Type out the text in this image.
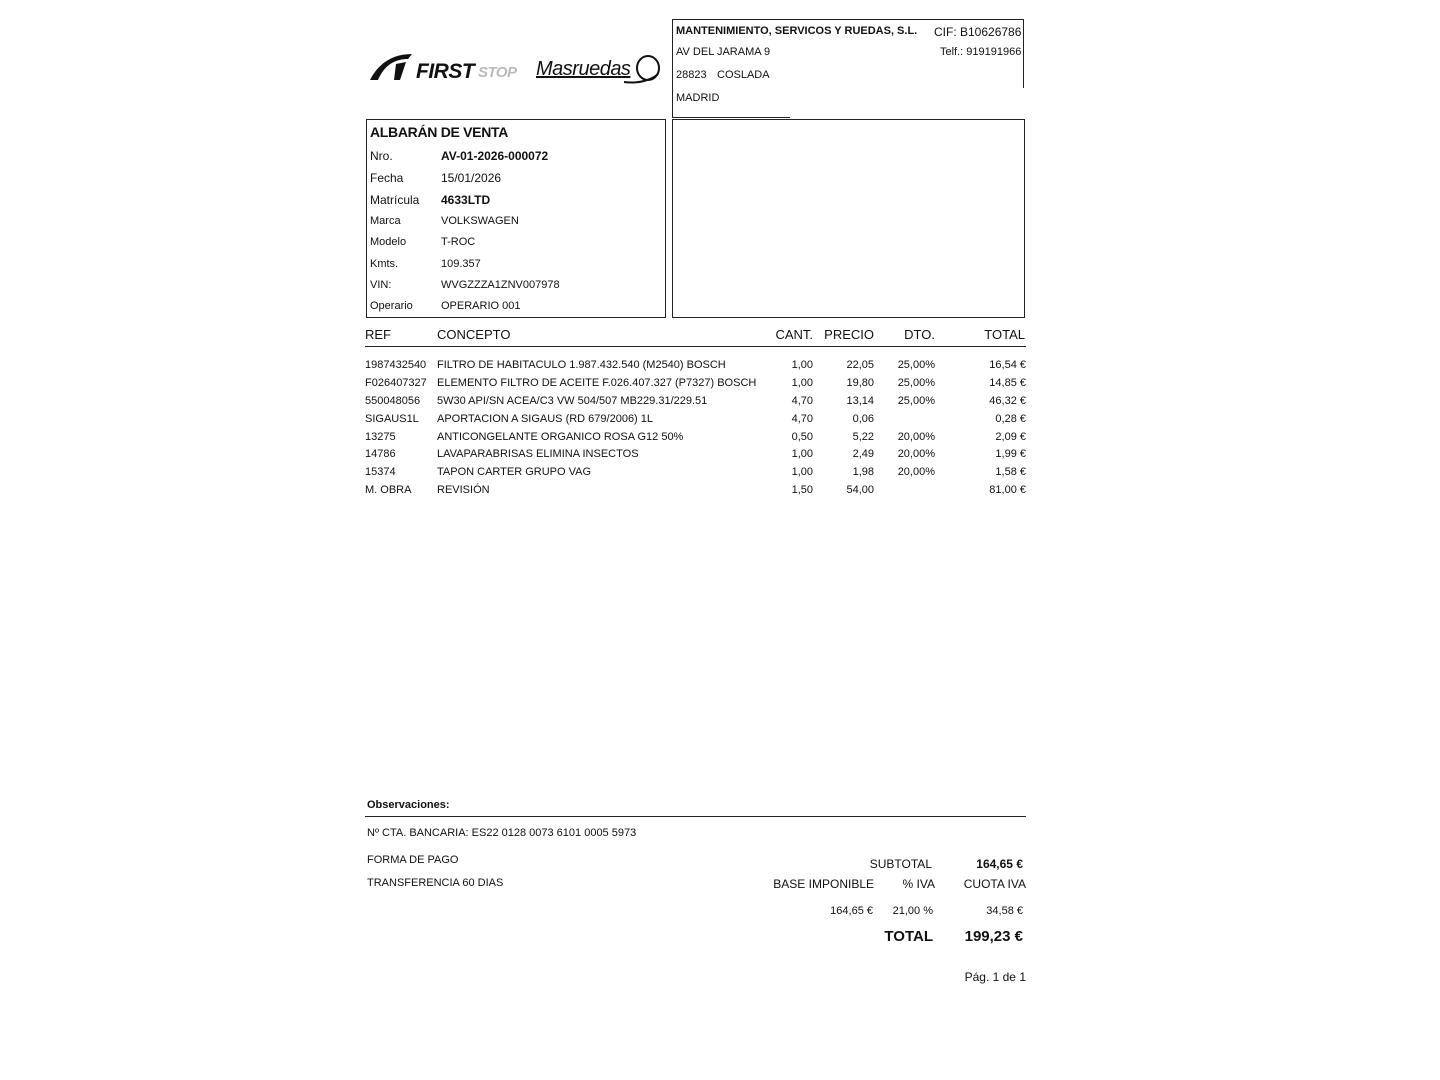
FIRST STOP Masruedas
MANTENIMIENTO, SERVICOS Y RUEDAS, S.L. CIF: B10626786
AV DEL JARAMA 9	Telf.: 919191966
28823 COSLADA
MADRID
ALBARÁN DE VENTA
Nro.	AV-01-2026-000072
Fecha	15/01/2026
Matrícula 4633LTD
Marca	VOLKSWAGEN
Modelo	T-ROC
Kmts.	109.357
VIN:	WVGZZZA1ZNV007978
Operario	OPERARIO 001
REF	CONCEPTO	CANT. PRECIO DTO.	TOTAL
1987432540 FILTRO DE HABITACULO 1.987.432.540 (M2540) BOSCH	1,00	22,05 25,00%	16,54 €
F026407327 ELEMENTO FILTRO DE ACEITE F.026.407.327 (P7327) BOSCH	1,00	19,80 25,00%	14,85 €
550048056 5W30 API/SN ACEA/C3 VW 504/507 MB229.31/229.51	4,70	13,14 25,00%	46,32 €
SIGAUS1L APORTACION A SIGAUS (RD 679/2006) 1L	4,70	0,06	0,28 €
13275	ANTICONGELANTE ORGANICO ROSA G12 50%	0,50	5,22 20,00%	2,09 €
14786	LAVAPARABRISAS ELIMINA INSECTOS	1,00	2,49 20,00%	1,99 €
15374	TAPON CARTER GRUPO VAG	1,00	1,98 20,00%	1,58 €
M. OBRA REVISIÓN	1,50	54,00	81,00 €
Observaciones:
Nº CTA. BANCARIA: ES22 0128 0073 6101 0005 5973
FORMA DE PAGO
TRANSFERENCIA 60 DIAS
SUBTOTAL	164,65 €
BASE IMPONIBLE % IVA CUOTA IVA
164,65 € 21,00 %	34,58 €
TOTAL 199,23 €
Pág. 1 de 1
